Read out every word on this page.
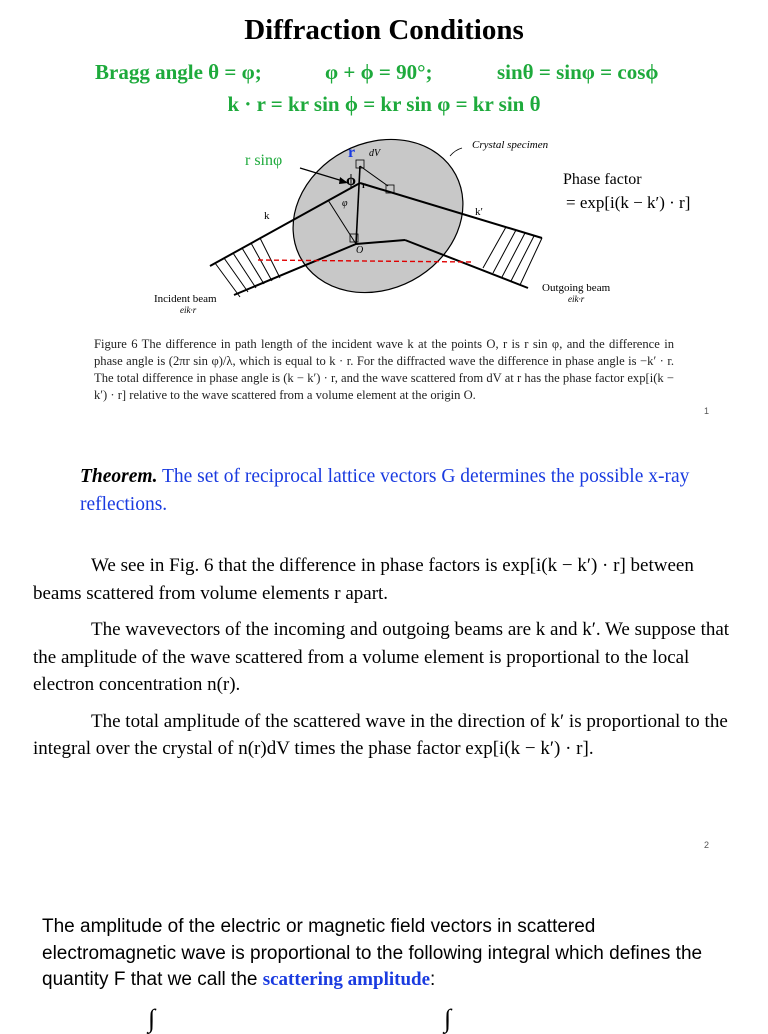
Diffraction Conditions
Bragg angle θ = φ;	φ + ϕ = 90°;	sinθ = sinφ = cosϕ
k · r = kr sin ϕ = kr sin φ = kr sin θ
Crystal specimen
r sinφ	r dV
ϕ r
φ
k	k′
O
Phase factor
= exp[i(k − k′) · r]
Incident beam
eik·r
Outgoing beam
eik·r
Figure 6 The difference in path length of the incident wave k at the points O, r is r sin φ, and the difference in phase angle is (2πr sin φ)/λ, which is equal to k · r. For the diffracted wave the difference in phase angle is −k′ · r. The total difference in phase angle is (k − k′) · r, and the wave scattered from dV at r has the phase factor exp[i(k − k′) · r] relative to the wave scattered from a volume element at the origin O.
1
Theorem. The set of reciprocal lattice vectors G determines the possible x-ray reflections.

We see in Fig. 6 that the difference in phase factors is exp[i(k − k′) · r] between beams scattered from volume elements r apart.

The wavevectors of the incoming and outgoing beams are k and k′. We suppose that the amplitude of the wave scattered from a volume element is proportional to the local electron concentration n(r).

The total amplitude of the scattered wave in the direction of k′ is proportional to the integral over the crystal of n(r)dV times the phase factor exp[i(k − k′) · r].

2
The amplitude of the electric or magnetic field vectors in scattered electromagnetic wave is proportional to the following integral which defines the quantity F that we call the scattering amplitude:
∫	∫
